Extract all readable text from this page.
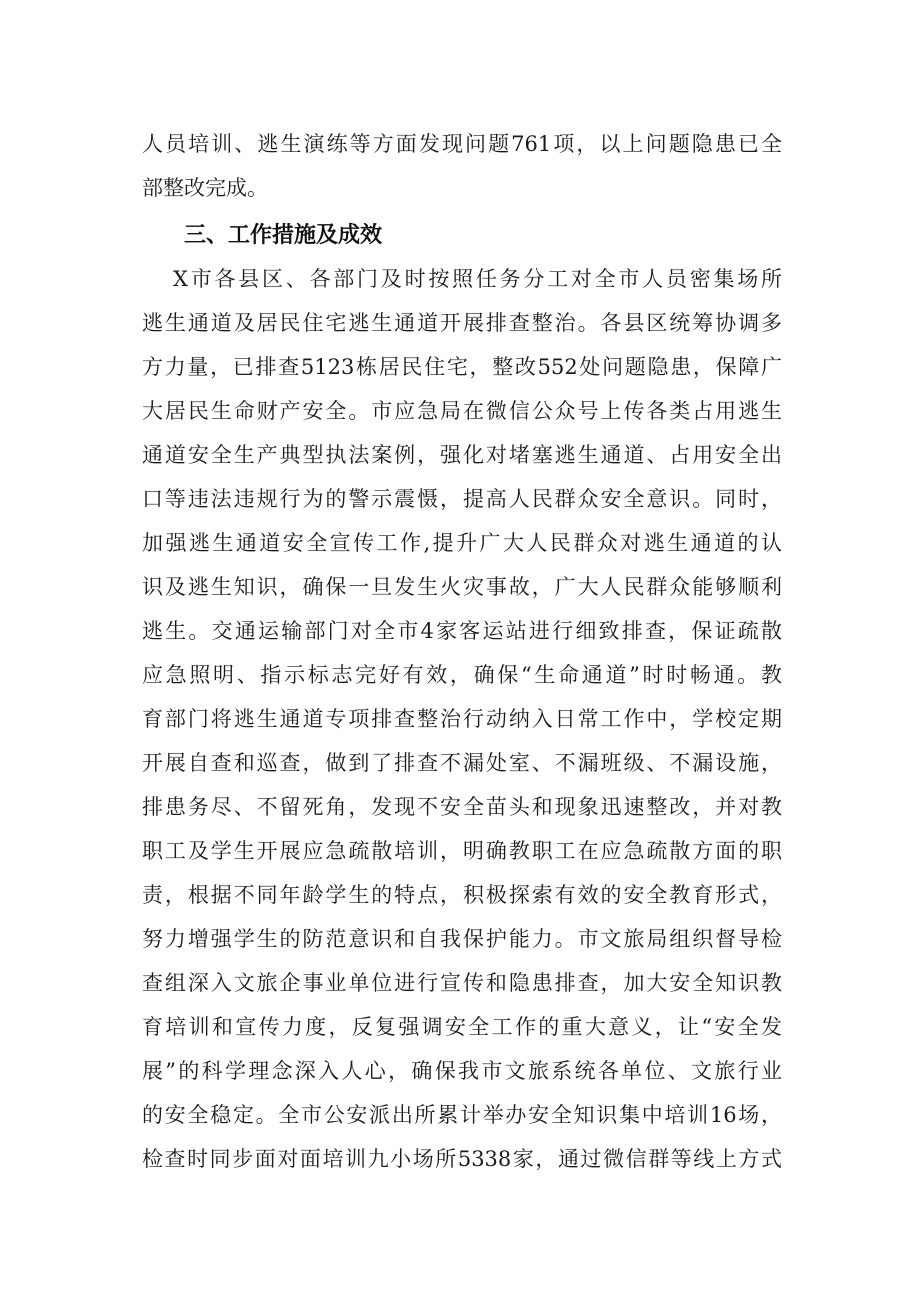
人员培训、逃生演练等方面发现问题761项，以上问题隐患已全
部整改完成。
三、工作措施及成效
X市各县区、各部门及时按照任务分工对全市人员密集场所
逃生通道及居民住宅逃生通道开展排查整治。各县区统筹协调多
方力量，已排查5123栋居民住宅，整改552处问题隐患，保障广
大居民生命财产安全。市应急局在微信公众号上传各类占用逃生
通道安全生产典型执法案例，强化对堵塞逃生通道、占用安全出
口等违法违规行为的警示震慑，提高人民群众安全意识。同时，
加强逃生通道安全宣传工作,提升广大人民群众对逃生通道的认
识及逃生知识，确保一旦发生火灾事故，广大人民群众能够顺利
逃生。交通运输部门对全市4家客运站进行细致排查，保证疏散
应急照明、指示标志完好有效，确保“生命通道”时时畅通。教
育部门将逃生通道专项排查整治行动纳入日常工作中，学校定期
开展自查和巡查，做到了排查不漏处室、不漏班级、不漏设施，
排患务尽、不留死角，发现不安全苗头和现象迅速整改，并对教
职工及学生开展应急疏散培训，明确教职工在应急疏散方面的职
责，根据不同年龄学生的特点，积极探索有效的安全教育形式，
努力增强学生的防范意识和自我保护能力。市文旅局组织督导检
查组深入文旅企事业单位进行宣传和隐患排查，加大安全知识教
育培训和宣传力度，反复强调安全工作的重大意义，让“安全发
展”的科学理念深入人心，确保我市文旅系统各单位、文旅行业
的安全稳定。全市公安派出所累计举办安全知识集中培训16场，
检查时同步面对面培训九小场所5338家，通过微信群等线上方式
